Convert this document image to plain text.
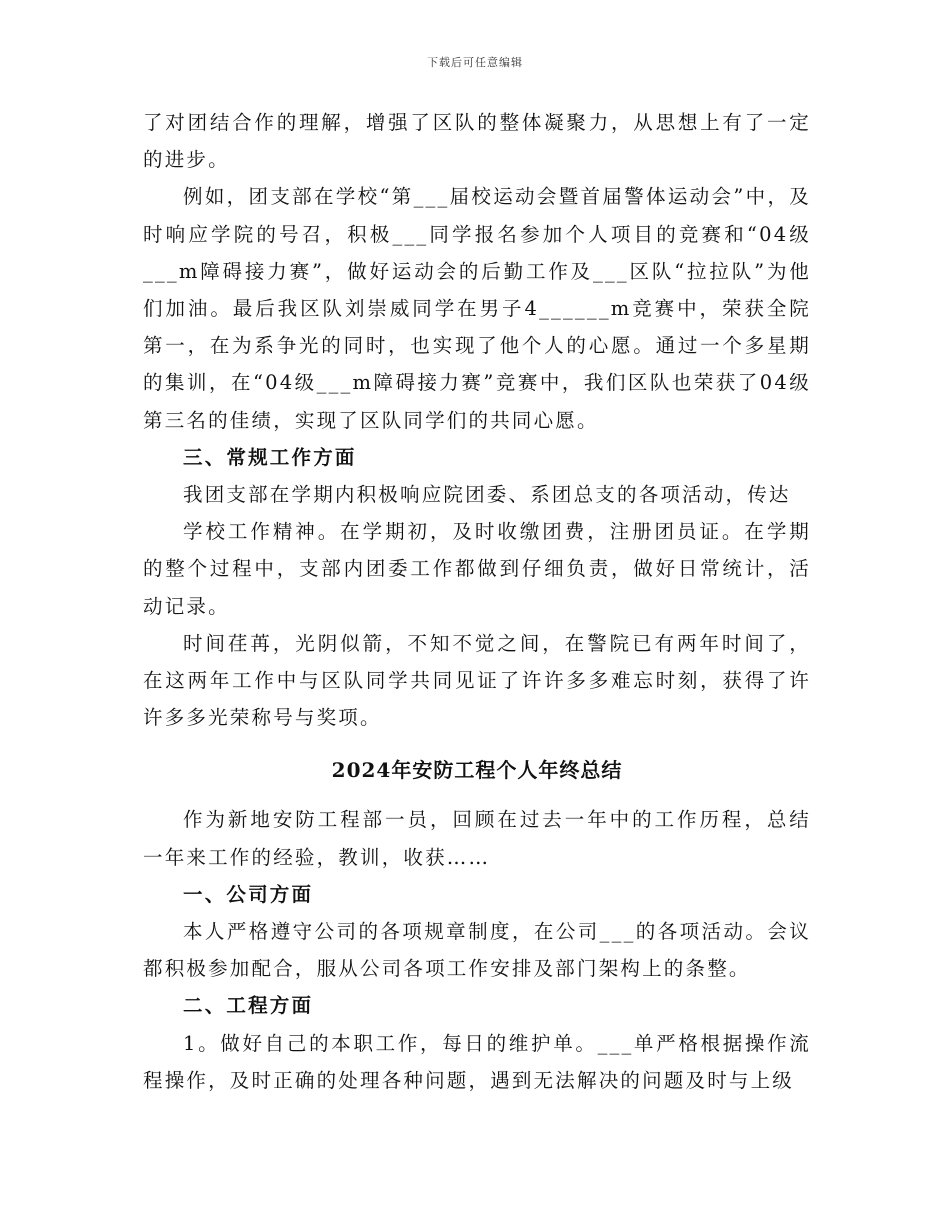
下载后可任意编辑

了对团结合作的理解，增强了区队的整体凝聚力，从思想上有了一定的进步。

例如，团支部在学校“第___届校运动会暨首届警体运动会”中，及时响应学院的号召，积极___同学报名参加个人项目的竞赛和“04级___m障碍接力赛”，做好运动会的后勤工作及___区队“拉拉队”为他们加油。最后我区队刘崇威同学在男子4______m竞赛中，荣获全院第一，在为系争光的同时，也实现了他个人的心愿。通过一个多星期的集训，在“04级___m障碍接力赛”竞赛中，我们区队也荣获了04级第三名的佳绩，实现了区队同学们的共同心愿。

三、常规工作方面

我团支部在学期内积极响应院团委、系团总支的各项活动，传达

学校工作精神。在学期初，及时收缴团费，注册团员证。在学期的整个过程中，支部内团委工作都做到仔细负责，做好日常统计，活动记录。

时间荏苒，光阴似箭，不知不觉之间，在警院已有两年时间了，在这两年工作中与区队同学共同见证了许许多多难忘时刻，获得了许许多多光荣称号与奖项。

2024年安防工程个人年终总结

作为新地安防工程部一员，回顾在过去一年中的工作历程，总结一年来工作的经验，教训，收获……

一、公司方面

本人严格遵守公司的各项规章制度，在公司___的各项活动。会议都积极参加配合，服从公司各项工作安排及部门架构上的条整。

二、工程方面

1。做好自己的本职工作，每日的维护单。___单严格根据操作流程操作，及时正确的处理各种问题，遇到无法解决的问题及时与上级
